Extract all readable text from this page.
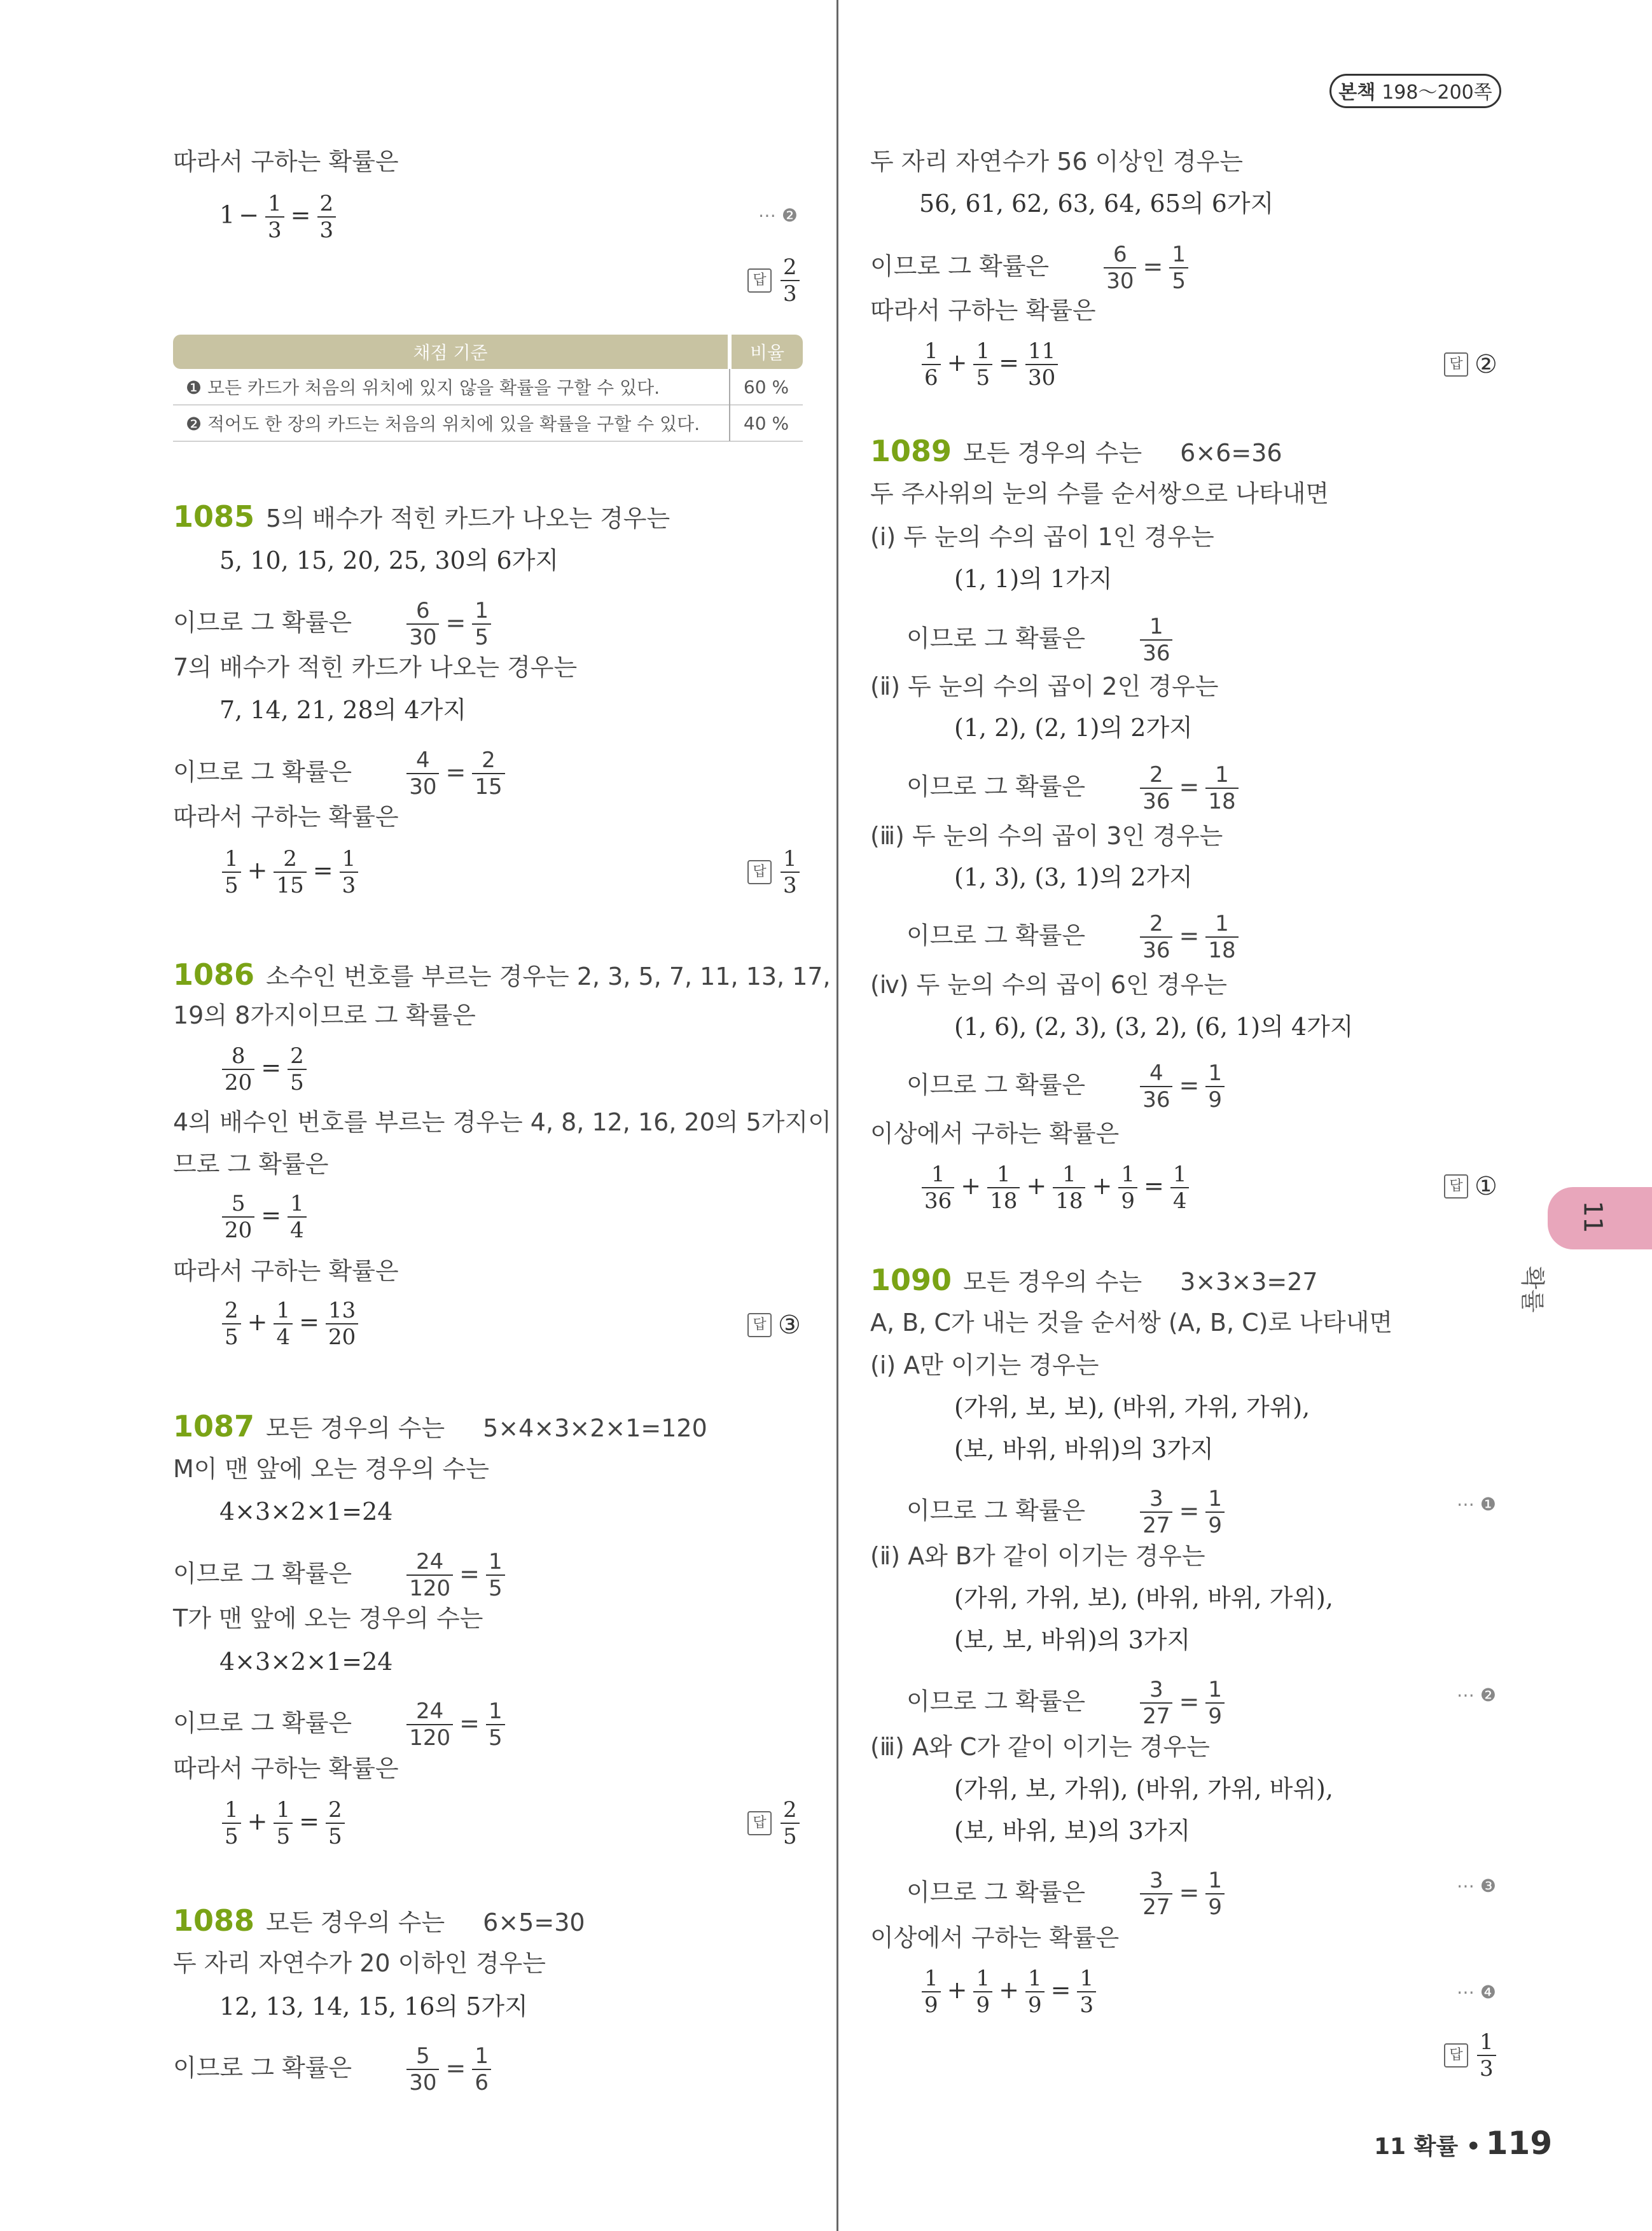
본책 198〜200쪽
따라서 구하는 확률은
$1 - \frac{1}{3} = \frac{2}{3}$	⋯ ❷
답 $\frac{2}{3}$
채점 기준	비율
❶ 모든 카드가 처음의 위치에 있지 않을 확률을 구할 수 있다.	60 %
❷ 적어도 한 장의 카드는 처음의 위치에 있을 확률을 구할 수 있다.	40 %
1085 5의 배수가 적힌 카드가 나오는 경우는
5, 10, 15, 20, 25, 30의 6가지
이므로 그 확률은	$\frac{6}{30} = \frac{1}{5}$
7의 배수가 적힌 카드가 나오는 경우는
7, 14, 21, 28의 4가지
이므로 그 확률은	$\frac{4}{30} = \frac{2}{15}$
따라서 구하는 확률은
$\frac{1}{5} + \frac{2}{15} = \frac{1}{3}$	답 $\frac{1}{3}$
1086 소수인 번호를 부르는 경우는 2, 3, 5, 7, 11, 13, 17,
19의 8가지이므로 그 확률은
$\frac{8}{20} = \frac{2}{5}$
4의 배수인 번호를 부르는 경우는 4, 8, 12, 16, 20의 5가지이
므로 그 확률은
$\frac{5}{20} = \frac{1}{4}$
따라서 구하는 확률은
$\frac{2}{5} + \frac{1}{4} = \frac{13}{20}$	답 ③
1087 모든 경우의 수는 5×4×3×2×1=120
M이 맨 앞에 오는 경우의 수는
4×3×2×1=24
이므로 그 확률은	$\frac{24}{120} = \frac{1}{5}$
T가 맨 앞에 오는 경우의 수는
4×3×2×1=24
이므로 그 확률은	$\frac{24}{120} = \frac{1}{5}$
따라서 구하는 확률은
$\frac{1}{5} + \frac{1}{5} = \frac{2}{5}$	답 $\frac{2}{5}$
1088 모든 경우의 수는 6×5=30
두 자리 자연수가 20 이하인 경우는
12, 13, 14, 15, 16의 5가지
이므로 그 확률은	$\frac{5}{30} = \frac{1}{6}$
두 자리 자연수가 56 이상인 경우는
56, 61, 62, 63, 64, 65의 6가지
이므로 그 확률은	$\frac{6}{30} = \frac{1}{5}$
따라서 구하는 확률은
$\frac{1}{6} + \frac{1}{5} = \frac{11}{30}$	답 ②
1089 모든 경우의 수는 6×6=36
두 주사위의 눈의 수를 순서쌍으로 나타내면
(ⅰ) 두 눈의 수의 곱이 1인 경우는
(1, 1)의 1가지
이므로 그 확률은	$\frac{1}{36}$
(ⅱ) 두 눈의 수의 곱이 2인 경우는
(1, 2), (2, 1)의 2가지
이므로 그 확률은	$\frac{2}{36} = \frac{1}{18}$
(ⅲ) 두 눈의 수의 곱이 3인 경우는
(1, 3), (3, 1)의 2가지
이므로 그 확률은	$\frac{2}{36} = \frac{1}{18}$
(ⅳ) 두 눈의 수의 곱이 6인 경우는
(1, 6), (2, 3), (3, 2), (6, 1)의 4가지
이므로 그 확률은	$\frac{4}{36} = \frac{1}{9}$
이상에서 구하는 확률은
$\frac{1}{36} + \frac{1}{18} + \frac{1}{18} + \frac{1}{9} = \frac{1}{4}$	답 ①
1090 모든 경우의 수는 3×3×3=27
A, B, C가 내는 것을 순서쌍 (A, B, C)로 나타내면
(ⅰ) A만 이기는 경우는
(가위, 보, 보), (바위, 가위, 가위),
(보, 바위, 바위)의 3가지
이므로 그 확률은	$\frac{3}{27} = \frac{1}{9}$	⋯ ❶
(ⅱ) A와 B가 같이 이기는 경우는
(가위, 가위, 보), (바위, 바위, 가위),
(보, 보, 바위)의 3가지
이므로 그 확률은	$\frac{3}{27} = \frac{1}{9}$	⋯ ❷
(ⅲ) A와 C가 같이 이기는 경우는
(가위, 보, 가위), (바위, 가위, 바위),
(보, 바위, 보)의 3가지
이므로 그 확률은	$\frac{3}{27} = \frac{1}{9}$	⋯ ❸
이상에서 구하는 확률은
$\frac{1}{9} + \frac{1}{9} + \frac{1}{9} = \frac{1}{3}$	⋯ ❹
답 $\frac{1}{3}$
11
확률
11 확률 • 119
